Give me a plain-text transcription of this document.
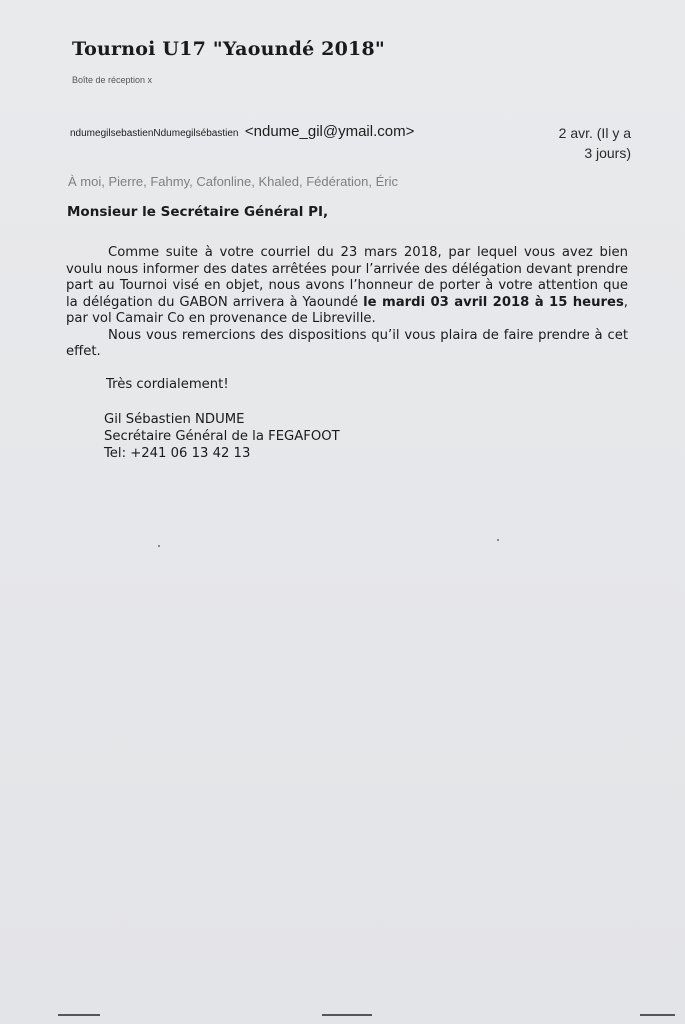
Tournoi U17 "Yaoundé 2018"
Boîte de réception x
ndumegilsebastienNdumegilsébastien <ndume_gil@ymail.com>	2 avr. (Il y a
3 jours)
À moi, Pierre, Fahmy, Cafonline, Khaled, Fédération, Éric
Monsieur le Secrétaire Général PI,

Comme suite à votre courriel du 23 mars 2018, par lequel vous avez bien voulu nous informer des dates arrêtées pour l’arrivée des délégation devant prendre part au Tournoi visé en objet, nous avons l’honneur de porter à votre attention que la délégation du GABON arrivera à Yaoundé le mardi 03 avril 2018 à 15 heures, par vol Camair Co en provenance de Libreville.

Nous vous remercions des dispositions qu’il vous plaira de faire prendre à cet effet.

Très cordialement!
Gil Sébastien NDUME
Secrétaire Général de la FEGAFOOT
Tel: +241 06 13 42 13
